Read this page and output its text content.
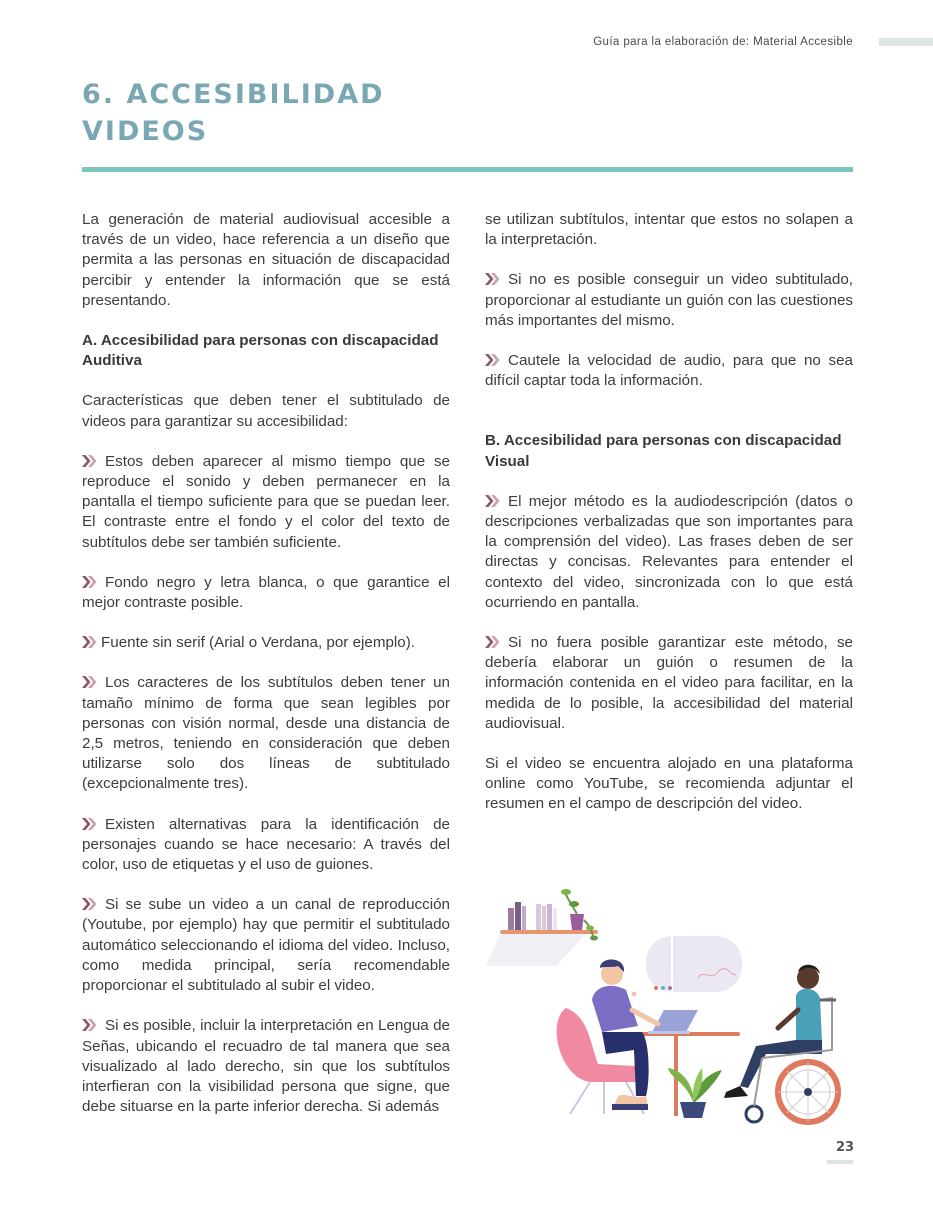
Guía para la elaboración de: Material Accesible
6. ACCESIBILIDAD
VIDEOS

La generación de material audiovisual accesible a través de un video, hace referencia a un diseño que permita a las personas en situación de discapacidad percibir y entender la información que se está presentando.

A. Accesibilidad para personas con discapacidad Auditiva

Características que deben tener el subtitulado de videos para garantizar su accesibilidad:

Estos deben aparecer al mismo tiempo que se reproduce el sonido y deben permanecer en la pantalla el tiempo suficiente para que se puedan leer. El contraste entre el fondo y el color del texto de subtítulos debe ser también suficiente.

Fondo negro y letra blanca, o que garantice el mejor contraste posible.

Fuente sin serif (Arial o Verdana, por ejemplo).

Los caracteres de los subtítulos deben tener un tamaño mínimo de forma que sean legibles por personas con visión normal, desde una distancia de 2,5 metros, teniendo en consideración que deben utilizarse solo dos líneas de subtitulado (excepcionalmente tres).

Existen alternativas para la identificación de personajes cuando se hace necesario: A través del color, uso de etiquetas y el uso de guiones.

Si se sube un video a un canal de reproducción (Youtube, por ejemplo) hay que permitir el subtitulado automático seleccionando el idioma del video. Incluso, como medida principal, sería recomendable proporcionar el subtitulado al subir el video.

Si es posible, incluir la interpretación en Lengua de Señas, ubicando el recuadro de tal manera que sea visualizado al lado derecho, sin que los subtítulos interfieran con la visibilidad persona que signe, que debe situarse en la parte inferior derecha. Si además

se utilizan subtítulos, intentar que estos no solapen a la interpretación.

Si no es posible conseguir un video subtitulado, proporcionar al estudiante un guión con las cuestiones más importantes del mismo.

Cautele la velocidad de audio, para que no sea difícil captar toda la información.

B. Accesibilidad para personas con discapacidad Visual

El mejor método es la audiodescripción (datos o descripciones verbalizadas que son importantes para la comprensión del video). Las frases deben de ser directas y concisas. Relevantes para entender el contexto del video, sincronizada con lo que está ocurriendo en pantalla.

Si no fuera posible garantizar este método, se debería elaborar un guión o resumen de la información contenida en el video para facilitar, en la medida de lo posible, la accesibilidad del material audiovisual.

Si el video se encuentra alojado en una plataforma online como YouTube, se recomienda adjuntar el resumen en el campo de descripción del video.

23
